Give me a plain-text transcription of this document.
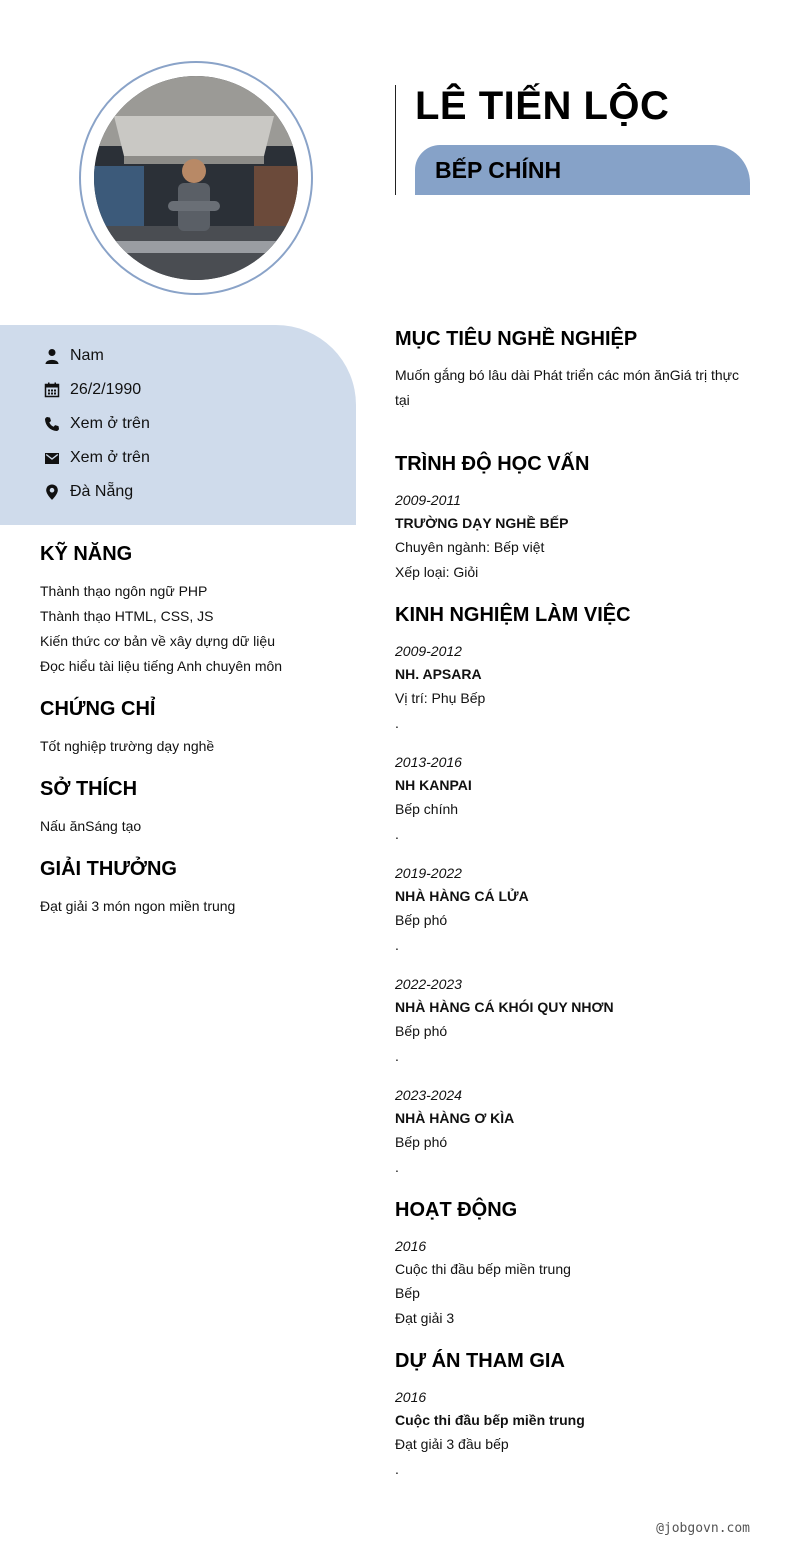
LÊ TIẾN LỘC
BẾP CHÍNH
Nam
26/2/1990
Xem ở trên
Xem ở trên
Đà Nẵng
KỸ NĂNG
Thành thạo ngôn ngữ PHP
Thành thạo HTML, CSS, JS
Kiến thức cơ bản về xây dựng dữ liệu
Đọc hiểu tài liệu tiếng Anh chuyên môn
CHỨNG CHỈ
Tốt nghiệp trường dạy nghề
SỞ THÍCH
Nấu ănSáng tạo
GIẢI THƯỞNG
Đạt giải 3 món ngon miền trung
MỤC TIÊU NGHỀ NGHIỆP
Muốn gắng bó lâu dài Phát triển các món ănGiá trị thực tại
TRÌNH ĐỘ HỌC VẤN
2009-2011
TRƯỜNG DẠY NGHỀ BẾP
Chuyên ngành: Bếp việt
Xếp loại: Giỏi
KINH NGHIỆM LÀM VIỆC
2009-2012
NH. APSARA
Vị trí: Phụ Bếp
.
2013-2016
NH KANPAI
Bếp chính
.
2019-2022
NHÀ HÀNG CÁ LỬA
Bếp phó
.
2022-2023
NHÀ HÀNG CÁ KHÓI QUY NHƠN
Bếp phó
.
2023-2024
NHÀ HÀNG Ơ KÌA
Bếp phó
.
HOẠT ĐỘNG
2016
Cuộc thi đầu bếp miền trung
Bếp
Đạt giải 3
DỰ ÁN THAM GIA
2016
Cuộc thi đầu bếp miền trung
Đạt giải 3 đầu bếp
.
@jobgovn.com
